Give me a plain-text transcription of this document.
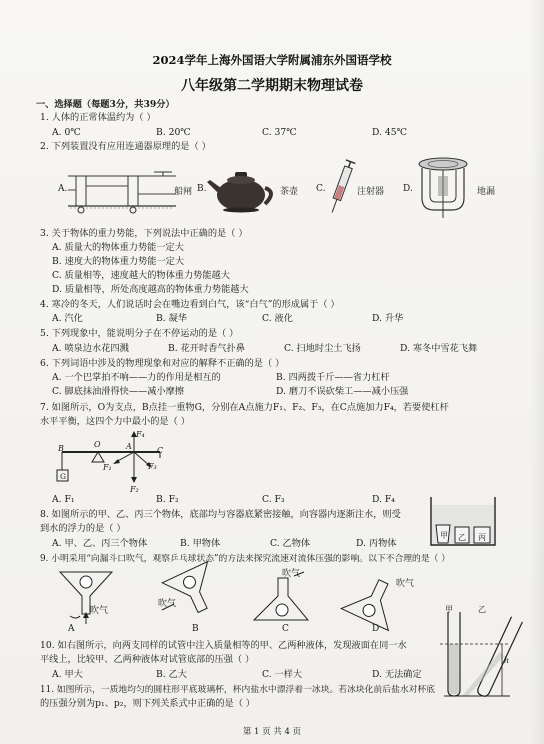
2024学年上海外国语大学附属浦东外国语学校
八年级第二学期期末物理试卷
一、选择题（每题3分，共39分）
1. 人体的正常体温约为（ ）
A. 0℃	B. 20℃	C. 37℃	D. 45℃
2. 下列装置没有应用连通器原理的是（ ）
A.	船闸 B.	茶壶 C.	注射器 D.	地漏
3. 关于物体的重力势能，下列说法中正确的是（ ）
A. 质量大的物体重力势能一定大
B. 速度大的物体重力势能一定大
C. 质量相等，速度越大的物体重力势能越大
D. 质量相等，所处高度越高的物体重力势能越大
4. 寒冷的冬天，人们说话时会在嘴边看到白气，该“白气”的形成属于（ ）
A. 汽化	B. 凝华	C. 液化	D. 升华
5. 下列现象中，能说明分子在不停运动的是（ ）
A. 喷泉边水花四溅	B. 花开时香气扑鼻	C. 扫地时尘土飞扬	D. 寒冬中雪花飞舞
6. 下列词语中涉及的物理现象和对应的解释不正确的是（ ）
A. 一个巴掌拍不响——力的作用是相互的	B. 四两拨千斤——省力杠杆
C. 脚底抹油滑得快——减小摩擦	D. 磨刀不误砍柴工——减小压强
7. 如图所示，O为支点，B点挂一重物G，分别在A点施力F₁、F₂、F₃，在C点施加力F₄，若要使杠杆
水平平衡，这四个力中最小的是（ ）
F₄
B	O	A	C
F₁	F₃
F₂
G
A. F₁	B. F₂	C. F₃	D. F₄
8. 如图所示的甲、乙、丙三个物体，底部均与容器底紧密接触，向容器内逐渐注水，则受
到水的浮力的是（ ）
A. 甲、乙、丙三个物体	B. 甲物体	C. 乙物体	D. 丙物体
甲 乙 丙
9. 小明采用“向漏斗口吹气，观察乒乓球状态”的方法来探究流速对流体压强的影响。以下不合理的是（ ）
A
吹气
吹气
B
吹气
C
吹气
D
10. 如右图所示，向两支同样的试管中注入质量相等的甲、乙两种液体，发现液面在同一水
平线上，比较甲、乙两种液体对试管底部的压强（ ）
A. 甲大	B. 乙大	C. 一样大	D. 无法确定
甲	乙
h
11. 如图所示，一质地均匀的圆柱形平底玻璃杯，杯内盐水中漂浮着一冰块。若冰块化前后盐水对杯底
的压强分别为p₁、p₂，则下列关系式中正确的是（ ）
第 1 页 共 4 页
